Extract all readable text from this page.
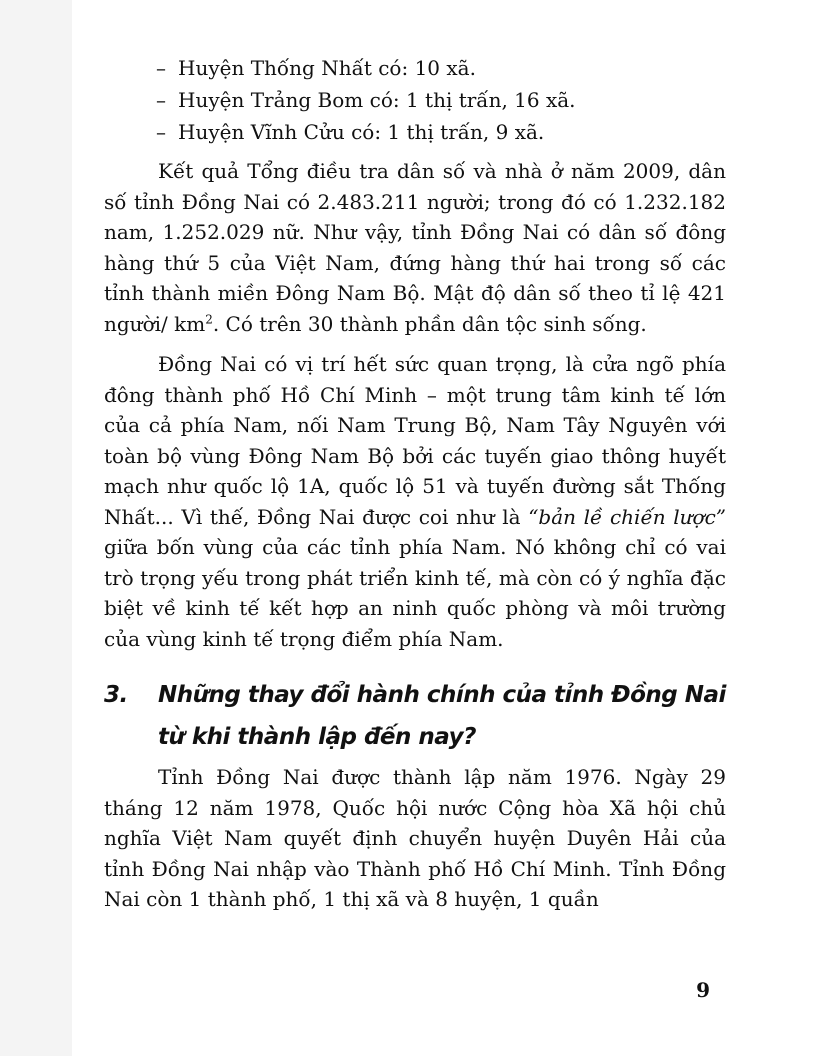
– Huyện Thống Nhất có: 10 xã.
– Huyện Trảng Bom có: 1 thị trấn, 16 xã.
– Huyện Vĩnh Cửu có: 1 thị trấn, 9 xã.

Kết quả Tổng điều tra dân số và nhà ở năm 2009, dân số tỉnh Đồng Nai có 2.483.211 người; trong đó có 1.232.182 nam, 1.252.029 nữ. Như vậy, tỉnh Đồng Nai có dân số đông hàng thứ 5 của Việt Nam, đứng hàng thứ hai trong số các tỉnh thành miền Đông Nam Bộ. Mật độ dân số theo tỉ lệ 421 người/ $km^2$. Có trên 30 thành phần dân tộc sinh sống.

Đồng Nai có vị trí hết sức quan trọng, là cửa ngõ phía đông thành phố Hồ Chí Minh – một trung tâm kinh tế lớn của cả phía Nam, nối Nam Trung Bộ, Nam Tây Nguyên với toàn bộ vùng Đông Nam Bộ bởi các tuyến giao thông huyết mạch như quốc lộ 1A, quốc lộ 51 và tuyến đường sắt Thống Nhất... Vì thế, Đồng Nai được coi như là “bản lề chiến lược” giữa bốn vùng của các tỉnh phía Nam. Nó không chỉ có vai trò trọng yếu trong phát triển kinh tế, mà còn có ý nghĩa đặc biệt về kinh tế kết hợp an ninh quốc phòng và môi trường của vùng kinh tế trọng điểm phía Nam.

3.	Những thay đổi hành chính của tỉnh Đồng Nai từ khi thành lập đến nay?

Tỉnh Đồng Nai được thành lập năm 1976. Ngày 29 tháng 12 năm 1978, Quốc hội nước Cộng hòa Xã hội chủ nghĩa Việt Nam quyết định chuyển huyện Duyên Hải của tỉnh Đồng Nai nhập vào Thành phố Hồ Chí Minh. Tỉnh Đồng Nai còn 1 thành phố, 1 thị xã và 8 huyện, 1 quần

9
